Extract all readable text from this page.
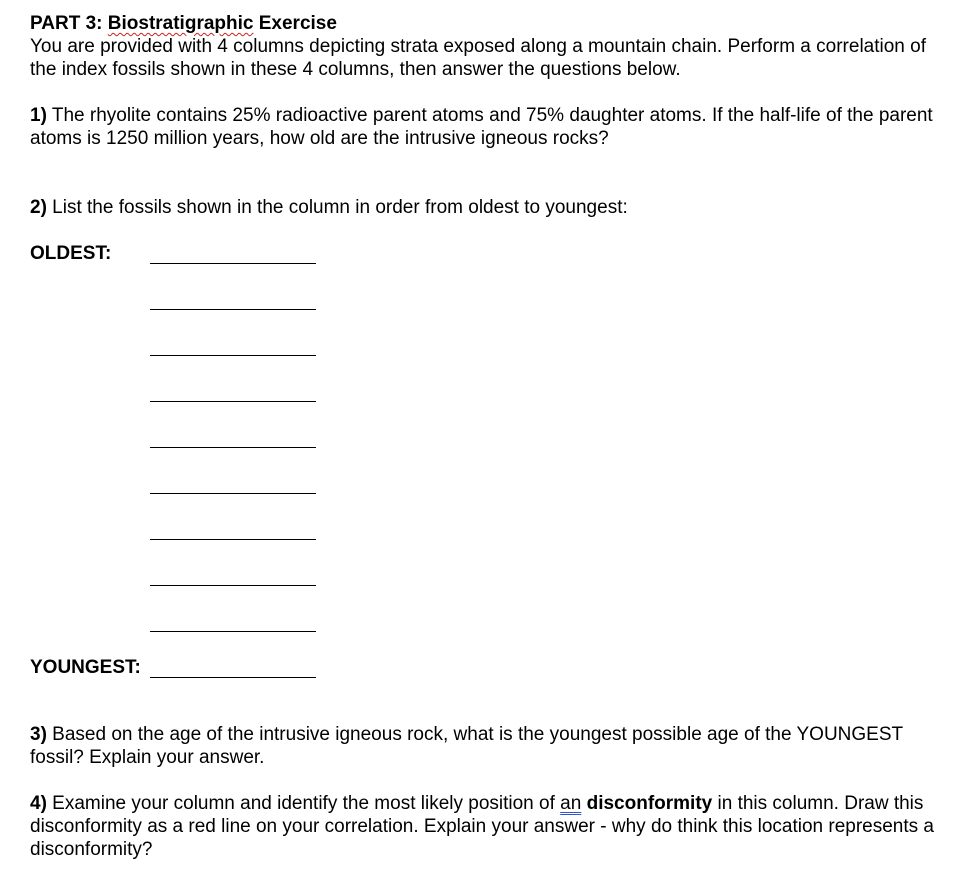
PART 3: Biostratigraphic Exercise

You are provided with 4 columns depicting strata exposed along a mountain chain. Perform a correlation of the index fossils shown in these 4 columns, then answer the questions below.

1) The rhyolite contains 25% radioactive parent atoms and 75% daughter atoms. If the half-life of the parent atoms is 1250 million years, how old are the intrusive igneous rocks?

2) List the fossils shown in the column in order from oldest to youngest:

OLDEST:
YOUNGEST:

3) Based on the age of the intrusive igneous rock, what is the youngest possible age of the YOUNGEST fossil? Explain your answer.

4) Examine your column and identify the most likely position of an disconformity in this column. Draw this disconformity as a red line on your correlation. Explain your answer - why do think this location represents a disconformity?
